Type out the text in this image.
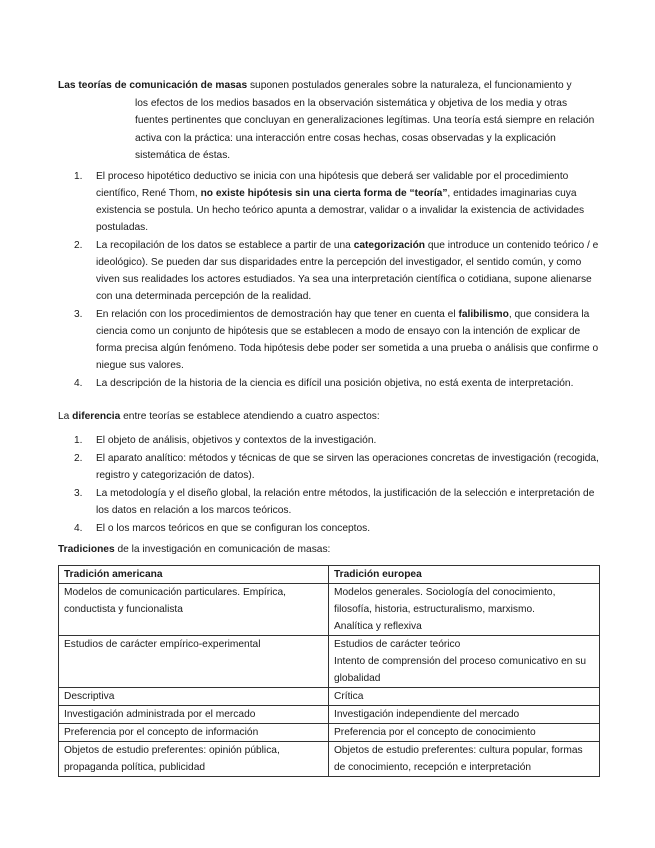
Las teorías de comunicación de masas suponen postulados generales sobre la naturaleza, el funcionamiento y
los efectos de los medios basados en la observación sistemática y objetiva de los media y otras fuentes pertinentes que concluyan en generalizaciones legítimas. Una teoría está siempre en relación activa con la práctica: una interacción entre cosas hechas, cosas observadas y la explicación sistemática de éstas.
1. El proceso hipotético deductivo se inicia con una hipótesis que deberá ser validable por el procedimiento científico, René Thom, no existe hipótesis sin una cierta forma de “teoría”, entidades imaginarias cuya existencia se postula. Un hecho teórico apunta a demostrar, validar o a invalidar la existencia de actividades postuladas.
2. La recopilación de los datos se establece a partir de una categorización que introduce un contenido teórico / e ideológico). Se pueden dar sus disparidades entre la percepción del investigador, el sentido común, y como viven sus realidades los actores estudiados. Ya sea una interpretación científica o cotidiana, supone alienarse con una determinada percepción de la realidad.
3. En relación con los procedimientos de demostración hay que tener en cuenta el falibilismo, que considera la ciencia como un conjunto de hipótesis que se establecen a modo de ensayo con la intención de explicar de forma precisa algún fenómeno. Toda hipótesis debe poder ser sometida a una prueba o análisis que confirme o niegue sus valores.
4. La descripción de la historia de la ciencia es difícil una posición objetiva, no está exenta de interpretación.
La diferencia entre teorías se establece atendiendo a cuatro aspectos:
1. El objeto de análisis, objetivos y contextos de la investigación.
2. El aparato analítico: métodos y técnicas de que se sirven las operaciones concretas de investigación (recogida, registro y categorización de datos).
3. La metodología y el diseño global, la relación entre métodos, la justificación de la selección e interpretación de los datos en relación a los marcos teóricos.
4. El o los marcos teóricos en que se configuran los conceptos.
Tradiciones de la investigación en comunicación de masas:
Tradición americana	Tradición europea

Modelos de comunicación particulares. Empírica, conductista y funcionalista	Modelos generales. Sociología del conocimiento, filosofía, historia, estructuralismo, marxismo.
Analítica y reflexiva

Estudios de carácter empírico-experimental	Estudios de carácter teórico
Intento de comprensión del proceso comunicativo en su globalidad

Descriptiva	Crítica

Investigación administrada por el mercado	Investigación independiente del mercado

Preferencia por el concepto de información	Preferencia por el concepto de conocimiento

Objetos de estudio preferentes: opinión pública, propaganda política, publicidad	Objetos de estudio preferentes: cultura popular, formas de conocimiento, recepción e interpretación
